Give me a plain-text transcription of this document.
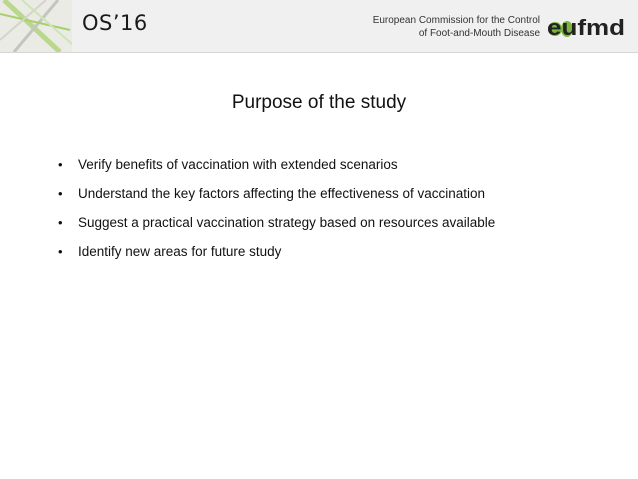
OS’16	European Commission for the Control
of Foot-and-Mouth Disease eufmd
Purpose of the study
•	Verify benefits of vaccination with extended scenarios
•	Understand the key factors affecting the effectiveness of vaccination
•	Suggest a practical vaccination strategy based on resources available
•	Identify new areas for future study
